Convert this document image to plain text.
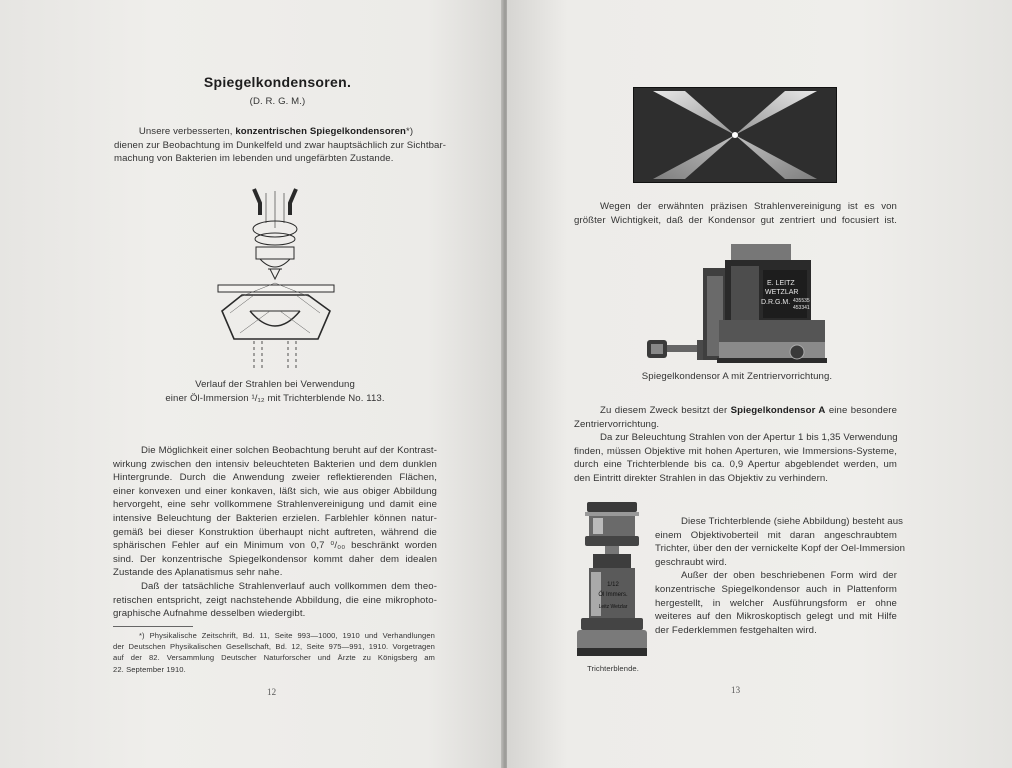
Spiegelkondensoren.
(D. R. G. M.)
Unsere verbesserten, konzentrischen Spiegelkondensoren*)
dienen zur Beobachtung im Dunkelfeld und zwar hauptsächlich zur Sichtbar-
machung von Bakterien im lebenden und ungefärbten Zustande.
Verlauf der Strahlen bei Verwendung
einer Öl-Immersion ¹/₁₂ mit Trichterblende No. 113.
Die Möglichkeit einer solchen Beobachtung beruht auf der Kontrast-
wirkung zwischen den intensiv beleuchteten Bakterien und dem dunklen
Hintergrunde. Durch die Anwendung zweier reflektierenden Flächen,
einer konvexen und einer konkaven, läßt sich, wie aus obiger Abbildung
hervorgeht, eine sehr vollkommene Strahlenvereinigung und damit eine
intensive Beleuchtung der Bakterien erzielen. Farblehler können natur-
gemäß bei dieser Konstruktion überhaupt nicht auftreten, während die
sphärischen Fehler auf ein Minimum von 0,7 ⁰/₀₀ beschränkt worden
sind. Der konzentrische Spiegelkondensor kommt daher dem idealen
Zustande des Aplanatismus sehr nahe.
Daß der tatsächliche Strahlenverlauf auch vollkommen dem theo-
retischen entspricht, zeigt nachstehende Abbildung, die eine mikrophoto-
graphische Aufnahme desselben wiedergibt.
*) Physikalische Zeitschrift, Bd. 11, Seite 993—1000, 1910 und Verhandlungen
der Deutschen Physikalischen Gesellschaft, Bd. 12, Seite 975—991, 1910. Vorgetragen
auf der 82. Versammlung Deutscher Naturforscher und Ärzte zu Königsberg am
22. September 1910.
12
Wegen der erwähnten präzisen Strahlenvereinigung ist es von
größter Wichtigkeit, daß der Kondensor gut zentriert und focusiert ist.
E. LEITZ
WETZLAR
D.R.G.M. 435535
453341
Spiegelkondensor A mit Zentriervorrichtung.
Zu diesem Zweck besitzt der Spiegelkondensor A eine besondere
Zentriervorrichtung.
Da zur Beleuchtung Strahlen von der Apertur 1 bis 1,35 Verwendung
finden, müssen Objektive mit hohen Aperturen, wie Immersions-Systeme,
durch eine Trichterblende bis ca. 0,9 Apertur abgeblendet werden, um
den Eintritt direkter Strahlen in das Objektiv zu verhindern.
1/12
Öl Immers.
Leitz Wetzlar
Trichterblende.
Diese Trichterblende (siehe Abbildung) besteht aus
einem Objektivoberteil mit daran angeschraubtem
Trichter, über den der vernickelte Kopf der Oel-Immersion
geschraubt wird.
Außer der oben beschriebenen Form wird der
konzentrische Spiegelkondensor auch in Plattenform
hergestellt, in welcher Ausführungsform er ohne
weiteres auf den Mikroskoptisch gelegt und mit Hilfe
der Federklemmen festgehalten wird.
13
